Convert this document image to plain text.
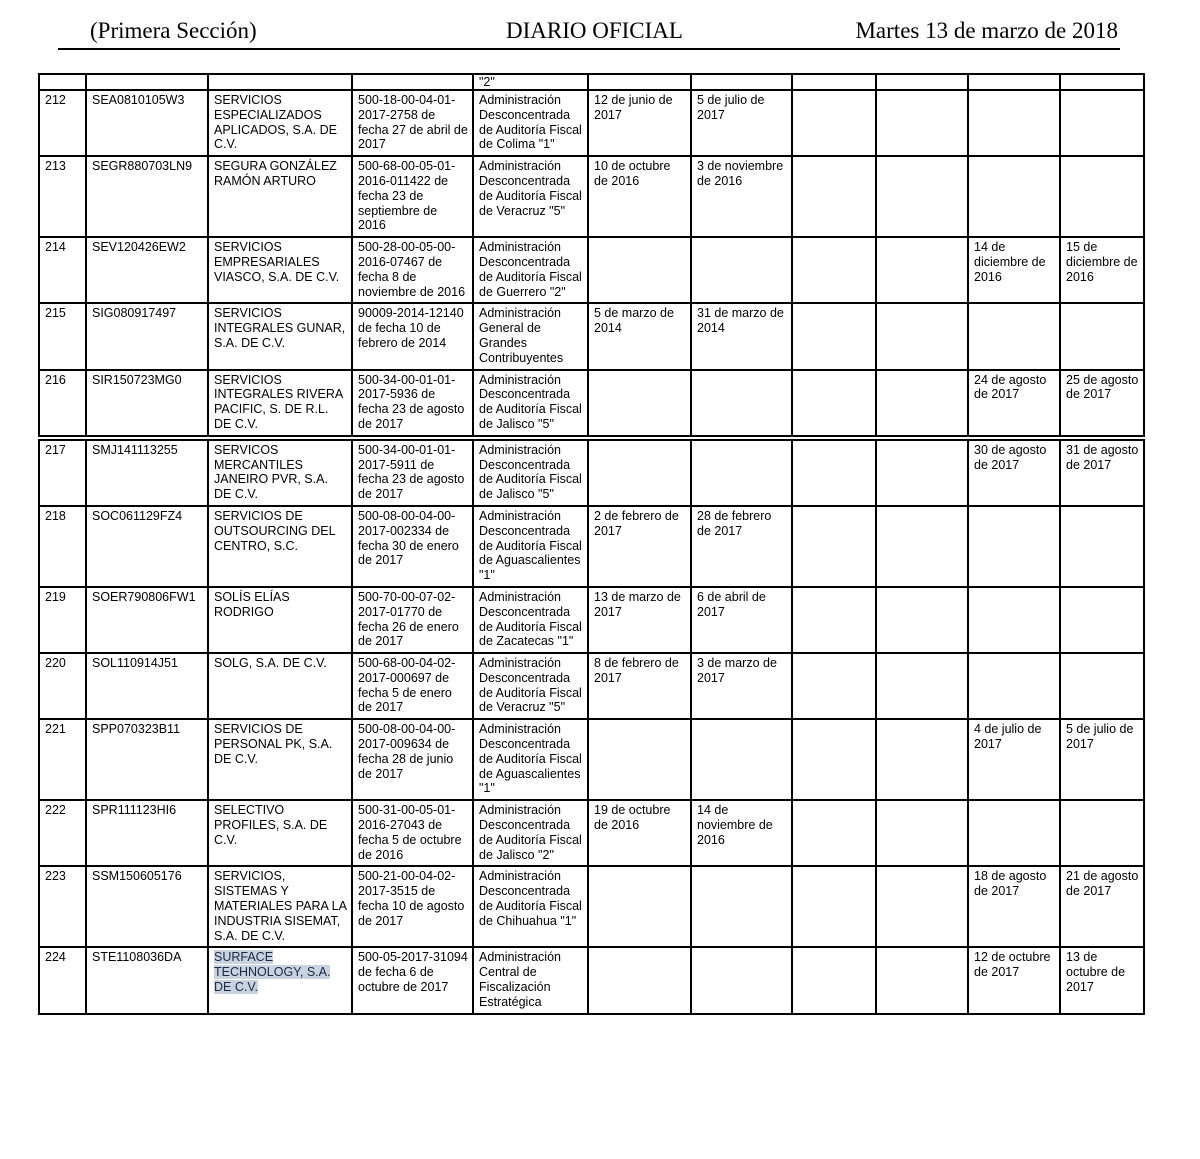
(Primera Sección)	DIARIO OFICIAL	Martes 13 de marzo de 2018
				"2"						
212	SEA0810105W3	SERVICIOS ESPECIALIZADOS APLICADOS, S.A. DE C.V.	500-18-00-04-01-2017-2758 de fecha 27 de abril de 2017	Administración Desconcentrada de Auditoría Fiscal de Colima "1"	12 de junio de 2017	5 de julio de 2017				
213	SEGR880703LN9	SEGURA GONZÁLEZ RAMÓN ARTURO	500-68-00-05-01-2016-011422 de fecha 23 de septiembre de 2016	Administración Desconcentrada de Auditoría Fiscal de Veracruz "5"	10 de octubre de 2016	3 de noviembre de 2016				
214	SEV120426EW2	SERVICIOS EMPRESARIALES VIASCO, S.A. DE C.V.	500-28-00-05-00-2016-07467 de fecha 8 de noviembre de 2016	Administración Desconcentrada de Auditoría Fiscal de Guerrero "2"					14 de diciembre de 2016	15 de diciembre de 2016
215	SIG080917497	SERVICIOS INTEGRALES GUNAR, S.A. DE C.V.	90009-2014-12140 de fecha 10 de febrero de 2014	Administración General de Grandes Contribuyentes	5 de marzo de 2014	31 de marzo de 2014				
216	SIR150723MG0	SERVICIOS INTEGRALES RIVERA PACIFIC, S. DE R.L. DE C.V.	500-34-00-01-01-2017-5936 de fecha 23 de agosto de 2017	Administración Desconcentrada de Auditoría Fiscal de Jalisco "5"					24 de agosto de 2017	25 de agosto de 2017
217	SMJ141113255	SERVICOS MERCANTILES JANEIRO PVR, S.A. DE C.V.	500-34-00-01-01-2017-5911 de fecha 23 de agosto de 2017	Administración Desconcentrada de Auditoría Fiscal de Jalisco "5"					30 de agosto de 2017	31 de agosto de 2017
218	SOC061129FZ4	SERVICIOS DE OUTSOURCING DEL CENTRO, S.C.	500-08-00-04-00-2017-002334 de fecha 30 de enero de 2017	Administración Desconcentrada de Auditoría Fiscal de Aguascalientes "1"	2 de febrero de 2017	28 de febrero de 2017				
219	SOER790806FW1	SOLÍS ELÍAS RODRIGO	500-70-00-07-02-2017-01770 de fecha 26 de enero de 2017	Administración Desconcentrada de Auditoría Fiscal de Zacatecas "1"	13 de marzo de 2017	6 de abril de 2017				
220	SOL110914J51	SOLG, S.A. DE C.V.	500-68-00-04-02-2017-000697 de fecha 5 de enero de 2017	Administración Desconcentrada de Auditoría Fiscal de Veracruz "5"	8 de febrero de 2017	3 de marzo de 2017				
221	SPP070323B11	SERVICIOS DE PERSONAL PK, S.A. DE C.V.	500-08-00-04-00-2017-009634 de fecha 28 de junio de 2017	Administración Desconcentrada de Auditoría Fiscal de Aguascalientes "1"					4 de julio de 2017	5 de julio de 2017
222	SPR111123HI6	SELECTIVO PROFILES, S.A. DE C.V.	500-31-00-05-01-2016-27043 de fecha 5 de octubre de 2016	Administración Desconcentrada de Auditoría Fiscal de Jalisco "2"	19 de octubre de 2016	14 de noviembre de 2016				
223	SSM150605176	SERVICIOS, SISTEMAS Y MATERIALES PARA LA INDUSTRIA SISEMAT, S.A. DE C.V.	500-21-00-04-02-2017-3515 de fecha 10 de agosto de 2017	Administración Desconcentrada de Auditoría Fiscal de Chihuahua "1"					18 de agosto de 2017	21 de agosto de 2017
224	STE1108036DA	SURFACE TECHNOLOGY, S.A. DE C.V.	500-05-2017-31094 de fecha 6 de octubre de 2017	Administración Central de Fiscalización Estratégica					12 de octubre de 2017	13 de octubre de 2017
